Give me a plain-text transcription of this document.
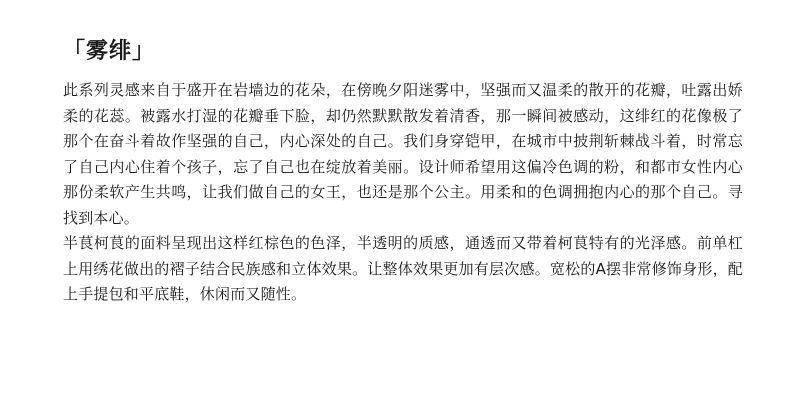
「雾绯」

此系列灵感来自于盛开在岩墙边的花朵，在傍晚夕阳迷雾中，坚强而又温柔的散开的花瓣，吐露出娇柔的花蕊。被露水打湿的花瓣垂下脸，却仍然默默散发着清香，那一瞬间被感动，这绯红的花像极了那个在奋斗着故作坚强的自己，内心深处的自己。我们身穿铠甲，在城市中披荆斩棘战斗着，时常忘了自己内心住着个孩子，忘了自己也在绽放着美丽。设计师希望用这偏冷色调的粉，和都市女性内心那份柔软产生共鸣，让我们做自己的女王，也还是那个公主。用柔和的色调拥抱内心的那个自己。寻找到本心。

半茛柯茛的面料呈现出这样红棕色的色泽，半透明的质感，通透而又带着柯茛特有的光泽感。前单杠上用绣花做出的褶子结合民族感和立体效果。让整体效果更加有层次感。宽松的A摆非常修饰身形，配上手提包和平底鞋，休闲而又随性。
